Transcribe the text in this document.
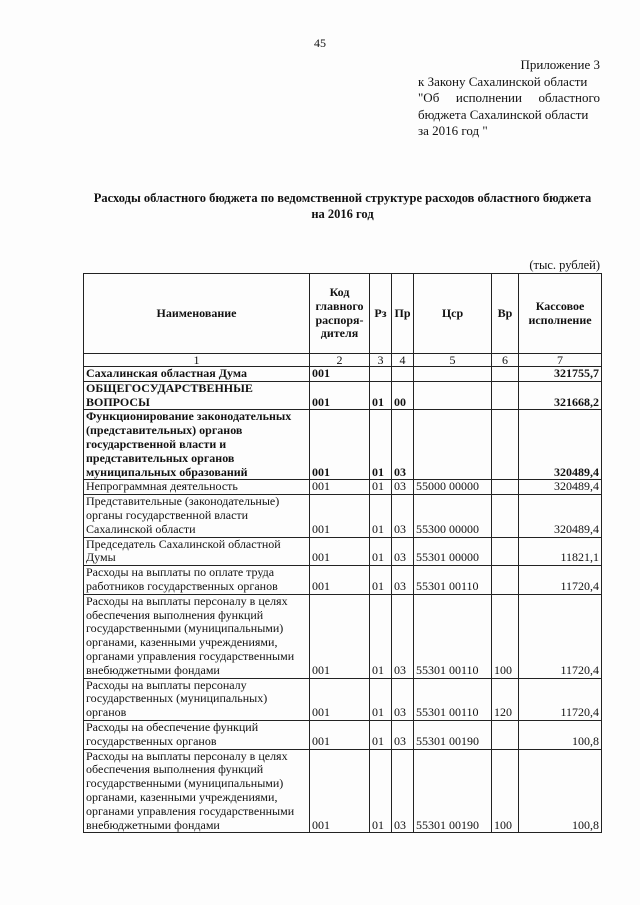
45
Приложение 3
к Закону Сахалинской области
"Об исполнении областного
бюджета Сахалинской области
за 2016 год "
Расходы областного бюджета по ведомственной структуре расходов областного бюджета
на 2016 год
(тыс. рублей)
Наименование	Код главного распоря-дителя	Рз	Пр	Цср	Вр	Кассовое исполнение
1	2	3	4	5	6	7
Сахалинская областная Дума	001					321755,7
ОБЩЕГОСУДАРСТВЕННЫЕ ВОПРОСЫ	001	01	00			321668,2
Функционирование законодательных (представительных) органов государственной власти и представительных органов муниципальных образований	001	01	03			320489,4
Непрограммная деятельность	001	01	03	55000 00000		320489,4
Представительные (законодательные) органы государственной власти Сахалинской области	001	01	03	55300 00000		320489,4
Председатель Сахалинской областной Думы	001	01	03	55301 00000		11821,1
Расходы на выплаты по оплате труда работников государственных органов	001	01	03	55301 00110		11720,4
Расходы на выплаты персоналу в целях обеспечения выполнения функций государственными (муниципальными) органами, казенными учреждениями, органами управления государственными внебюджетными фондами	001	01	03	55301 00110	100	11720,4
Расходы на выплаты персоналу государственных (муниципальных) органов	001	01	03	55301 00110	120	11720,4
Расходы на обеспечение функций государственных органов	001	01	03	55301 00190		100,8
Расходы на выплаты персоналу в целях обеспечения выполнения функций государственными (муниципальными) органами, казенными учреждениями, органами управления государственными внебюджетными фондами	001	01	03	55301 00190	100	100,8
